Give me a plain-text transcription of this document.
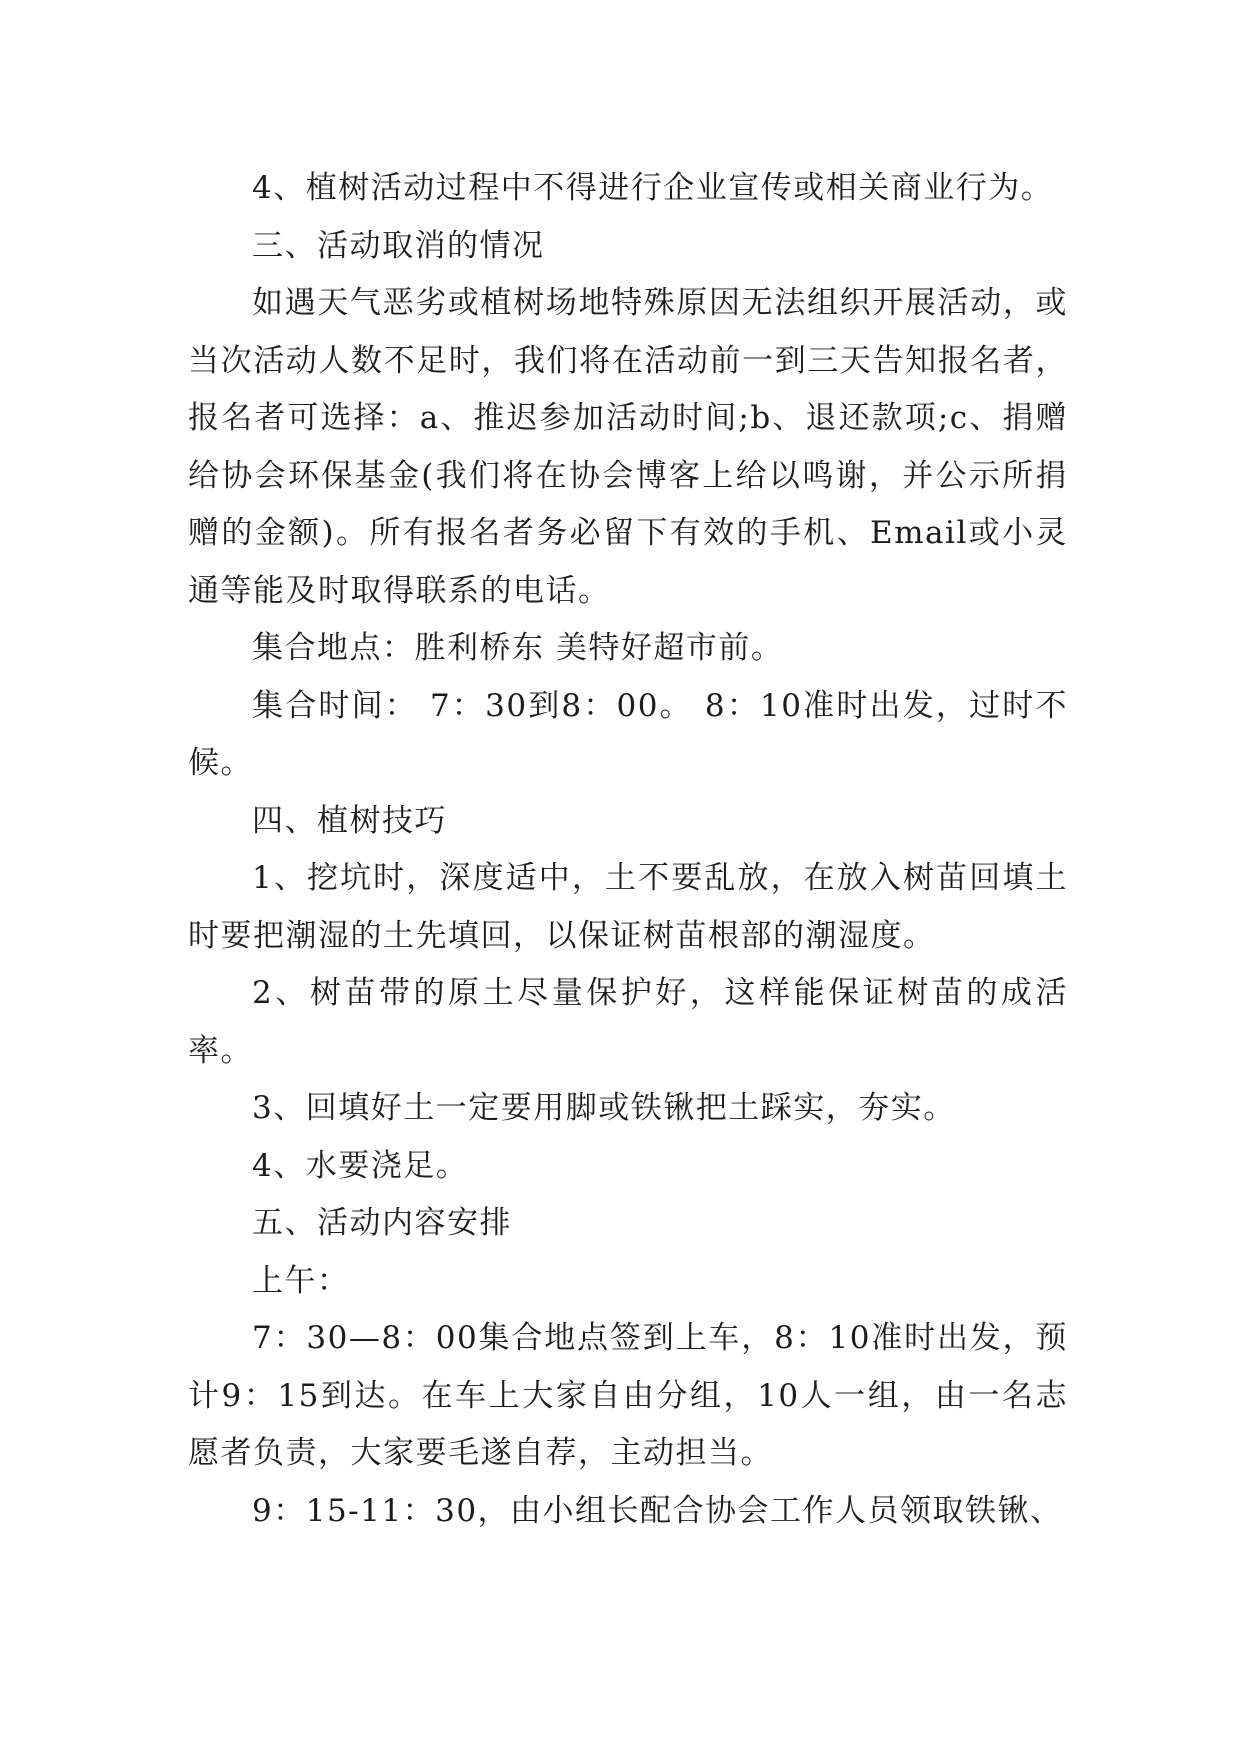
4、植树活动过程中不得进行企业宣传或相关商业行为。

三、活动取消的情况

如遇天气恶劣或植树场地特殊原因无法组织开展活动，或当次活动人数不足时，我们将在活动前一到三天告知报名者，报名者可选择：a、推迟参加活动时间;b、退还款项;c、捐赠给协会环保基金(我们将在协会博客上给以鸣谢，并公示所捐赠的金额)。所有报名者务必留下有效的手机、Email或小灵通等能及时取得联系的电话。

集合地点：胜利桥东 美特好超市前。

集合时间： 7：30到8：00。 8：10准时出发，过时不候。

四、植树技巧

1、挖坑时，深度适中，土不要乱放，在放入树苗回填土时要把潮湿的土先填回，以保证树苗根部的潮湿度。

2、树苗带的原土尽量保护好，这样能保证树苗的成活率。

3、回填好土一定要用脚或铁锹把土踩实，夯实。

4、水要浇足。

五、活动内容安排

上午：

7：30—8：00集合地点签到上车，8：10准时出发，预计9：15到达。在车上大家自由分组，10人一组，由一名志愿者负责，大家要毛遂自荐，主动担当。

9：15-11：30，由小组长配合协会工作人员领取铁锹、
